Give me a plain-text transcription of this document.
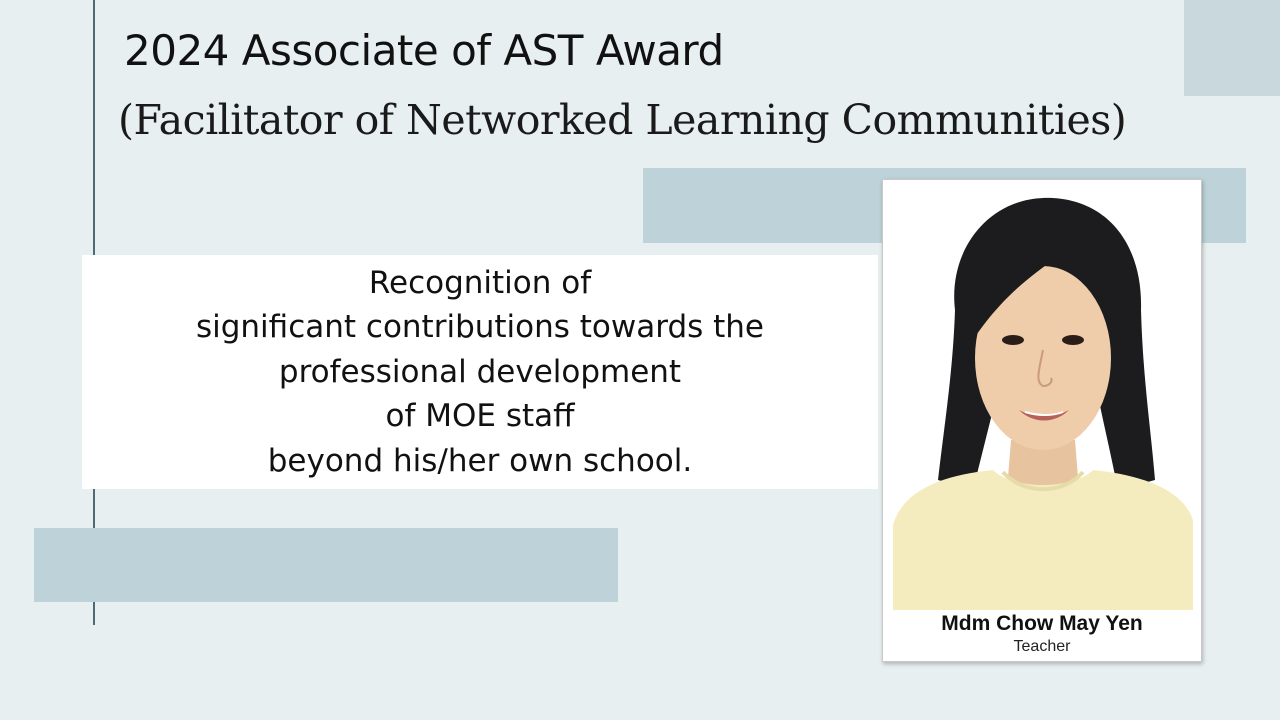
2024 Associate of AST Award
(Facilitator of Networked Learning Communities)
Recognition of
significant contributions towards the
professional development
of MOE staff
beyond his/her own school.
Mdm Chow May Yen
Teacher
